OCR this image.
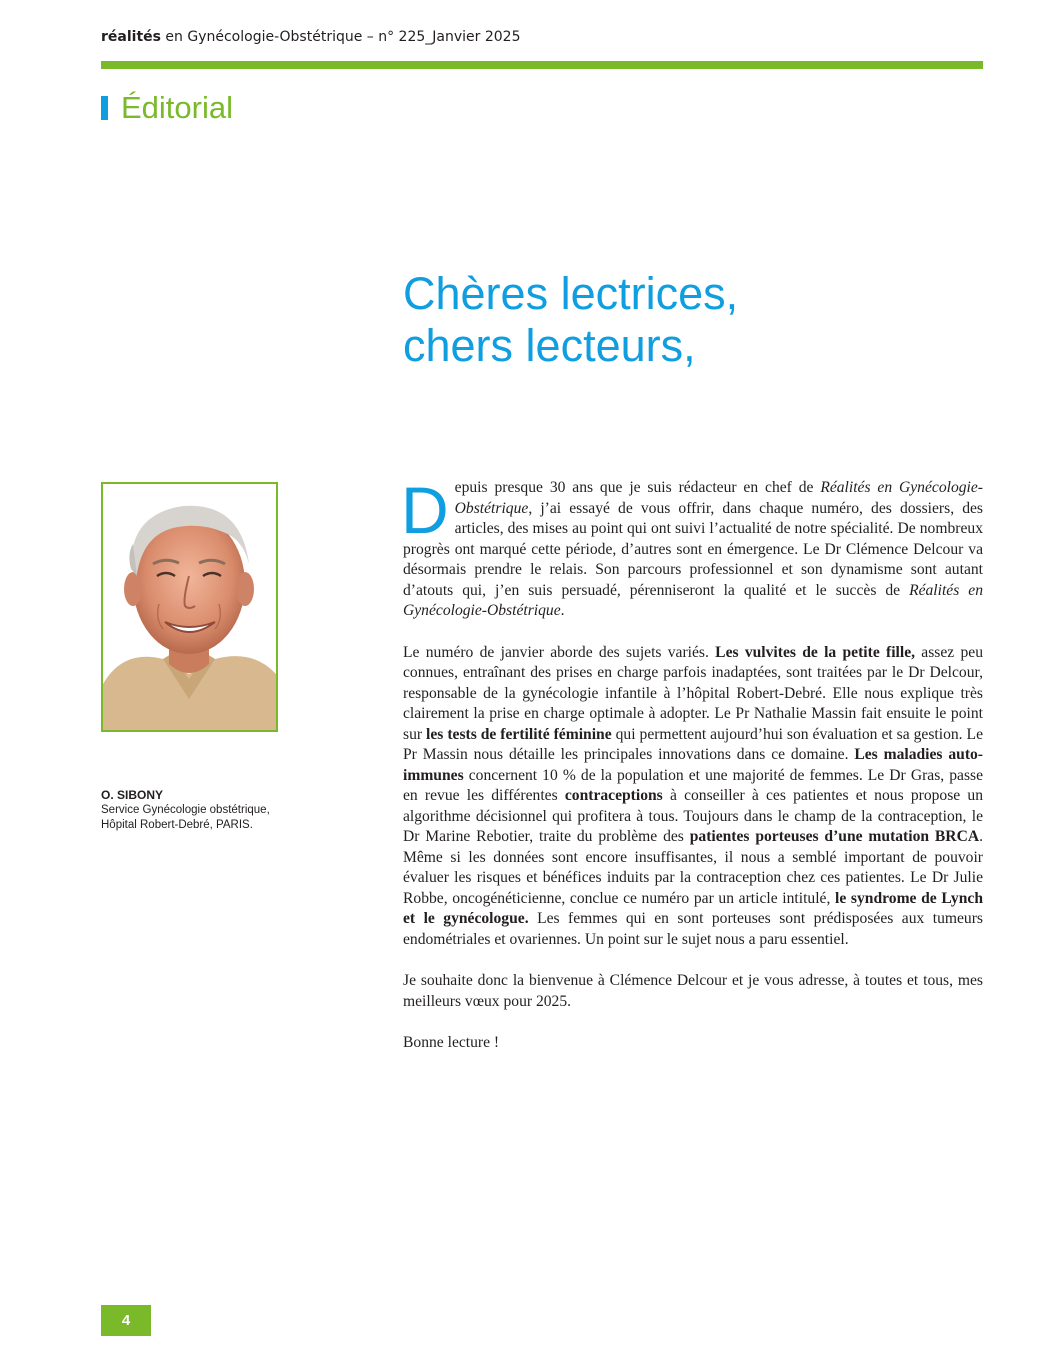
réalités en Gynécologie-Obstétrique – n° 225_Janvier 2025
Éditorial
Chères lectrices,
chers lecteurs,
O. SIBONY
Service Gynécologie obstétrique,
Hôpital Robert-Debré, PARIS.

Depuis presque 30 ans que je suis rédacteur en chef de Réalités en Gynécologie-Obstétrique, j’ai essayé de vous offrir, dans chaque numéro, des dossiers, des articles, des mises au point qui ont suivi l’actualité de notre spécialité. De nombreux progrès ont marqué cette période, d’autres sont en émergence. Le Dr Clémence Delcour va désormais prendre le relais. Son parcours professionnel et son dynamisme sont autant d’atouts qui, j’en suis persuadé, pérenniseront la qualité et le succès de Réalités en Gynécologie-Obstétrique.

Le numéro de janvier aborde des sujets variés. Les vulvites de la petite fille, assez peu connues, entraînant des prises en charge parfois inadaptées, sont traitées par le Dr Delcour, responsable de la gynécologie infantile à l’hôpital Robert-Debré. Elle nous explique très clairement la prise en charge optimale à adopter. Le Pr Nathalie Massin fait ensuite le point sur les tests de fertilité féminine qui permettent aujourd’hui son évaluation et sa gestion. Le Pr Massin nous détaille les principales innovations dans ce domaine. Les maladies auto-immunes concernent 10 % de la population et une majorité de femmes. Le Dr Gras, passe en revue les différentes contraceptions à conseiller à ces patientes et nous propose un algorithme décisionnel qui profitera à tous. Toujours dans le champ de la contraception, le Dr Marine Rebotier, traite du problème des patientes porteuses d’une mutation BRCA. Même si les données sont encore insuffisantes, il nous a semblé important de pouvoir évaluer les risques et bénéfices induits par la contraception chez ces patientes. Le Dr Julie Robbe, oncogénéticienne, conclue ce numéro par un article intitulé, le syndrome de Lynch et le gynécologue. Les femmes qui en sont porteuses sont prédisposées aux tumeurs endométriales et ovariennes. Un point sur le sujet nous a paru essentiel.

Je souhaite donc la bienvenue à Clémence Delcour et je vous adresse, à toutes et tous, mes meilleurs vœux pour 2025.

Bonne lecture !

4
